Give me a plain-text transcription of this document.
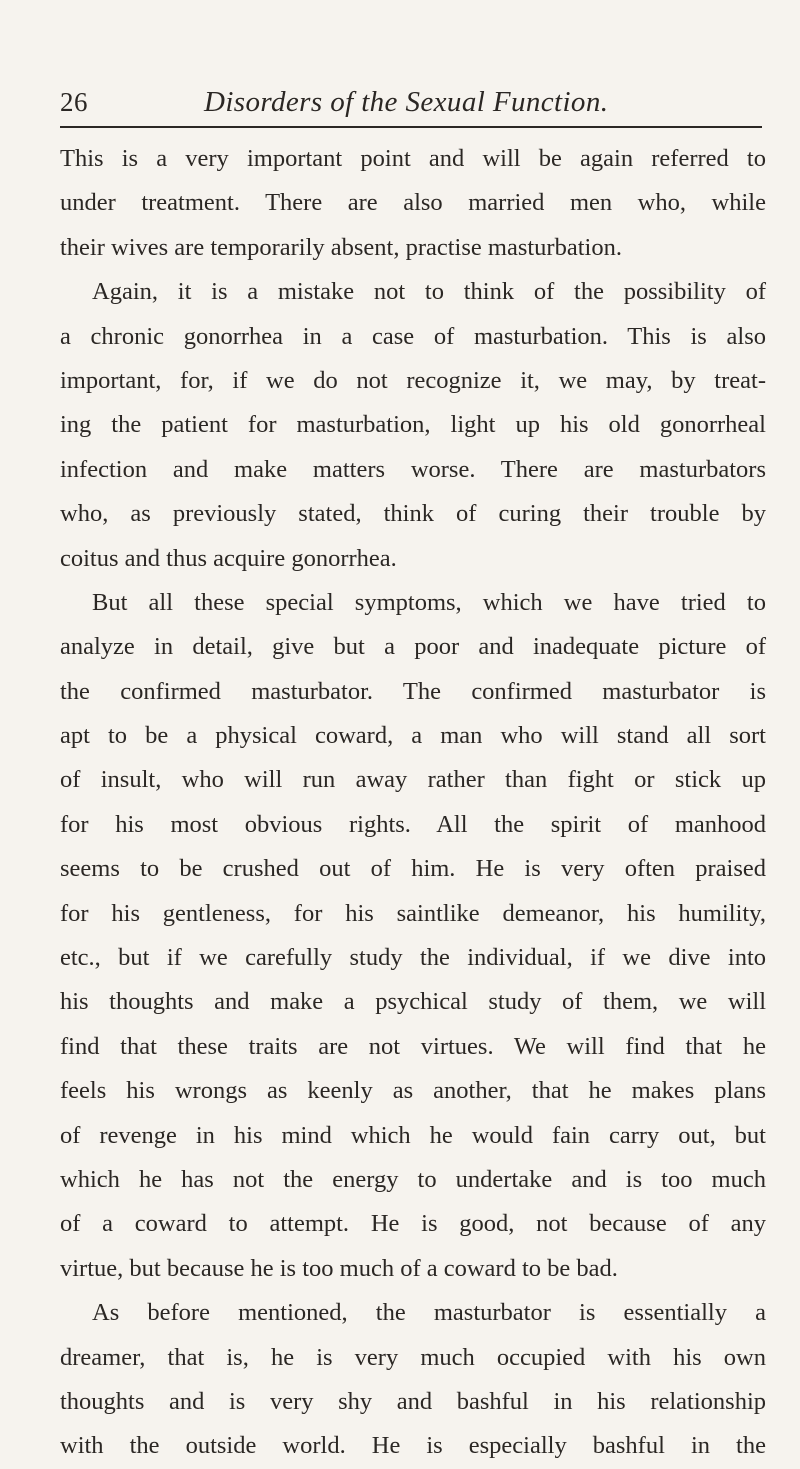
26	Disorders of the Sexual Function.
This is a very important point and will be again referred to
under treatment. There are also married men who, while
their wives are temporarily absent, practise masturbation.
Again, it is a mistake not to think of the possibility of
a chronic gonorrhea in a case of masturbation. This is also
important, for, if we do not recognize it, we may, by treat-
ing the patient for masturbation, light up his old gonorrheal
infection and make matters worse. There are masturbators
who, as previously stated, think of curing their trouble by
coitus and thus acquire gonorrhea.
But all these special symptoms, which we have tried to
analyze in detail, give but a poor and inadequate picture of
the confirmed masturbator. The confirmed masturbator is
apt to be a physical coward, a man who will stand all sort
of insult, who will run away rather than fight or stick up
for his most obvious rights. All the spirit of manhood
seems to be crushed out of him. He is very often praised
for his gentleness, for his saintlike demeanor, his humility,
etc., but if we carefully study the individual, if we dive into
his thoughts and make a psychical study of them, we will
find that these traits are not virtues. We will find that he
feels his wrongs as keenly as another, that he makes plans
of revenge in his mind which he would fain carry out, but
which he has not the energy to undertake and is too much
of a coward to attempt. He is good, not because of any
virtue, but because he is too much of a coward to be bad.
As before mentioned, the masturbator is essentially a
dreamer, that is, he is very much occupied with his own
thoughts and is very shy and bashful in his relationship
with the outside world. He is especially bashful in the
